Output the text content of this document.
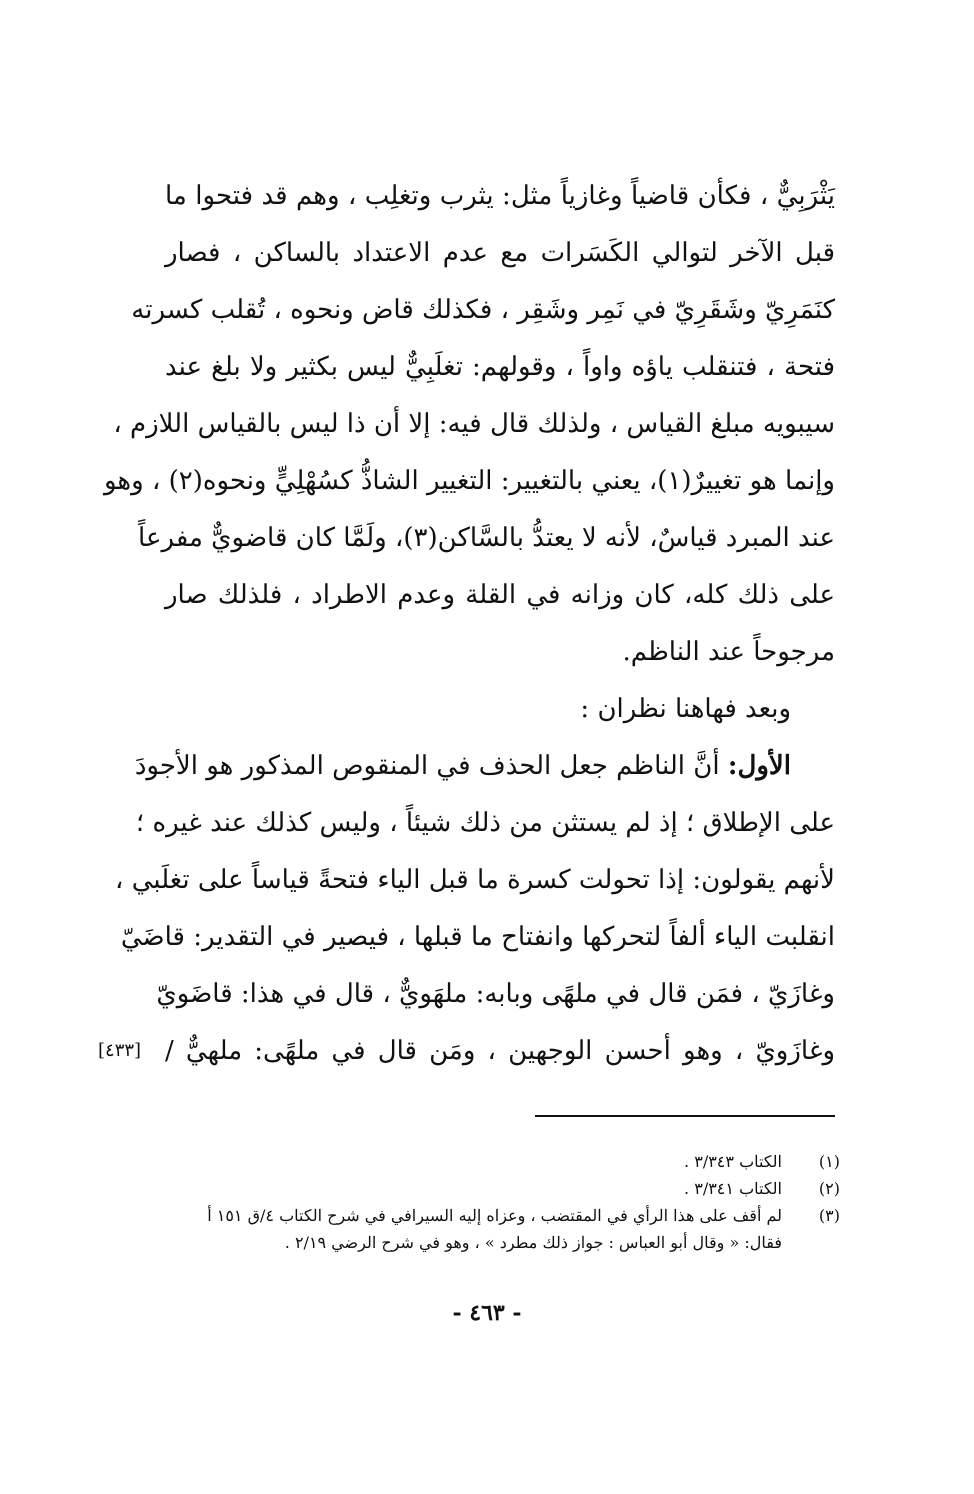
يَثْرَبِيٌّ ، فكأن قاضياً وغازياً مثل: يثرب وتغلِب ، وهم قد فتحوا ما
قبل الآخر لتوالي الكَسَرات مع عدم الاعتداد بالساكن ، فصار
كنَمَرِيّ وشَقَرِيّ في نَمِر وشَقِر ، فكذلك قاض ونحوه ، تُقلب كسرته
فتحة ، فتنقلب ياؤه واواً ، وقولهم: تغلَبِيٌّ ليس بكثير ولا بلغ عند
سيبويه مبلغ القياس ، ولذلك قال فيه: إلا أن ذا ليس بالقياس اللازم ،
وإنما هو تغييرٌ(١)، يعني بالتغيير: التغيير الشاذُّ كسُهْلِيٍّ ونحوه(٢) ، وهو
عند المبرد قياسٌ، لأنه لا يعتدُّ بالسَّاكن(٣)، ولَمَّا كان قاضويٌّ مفرعاً
على ذلك كله، كان وزانه في القلة وعدم الاطراد ، فلذلك صار
مرجوحاً عند الناظم.
وبعد فهاهنا نظران :
الأول: أنَّ الناظم جعل الحذف في المنقوص المذكور هو الأجودَ
على الإطلاق ؛ إذ لم يستثن من ذلك شيئاً ، وليس كذلك عند غيره ؛
لأنهم يقولون: إذا تحولت كسرة ما قبل الياء فتحةً قياساً على تغلَبي ،
انقلبت الياء ألفاً لتحركها وانفتاح ما قبلها ، فيصير في التقدير: قاضَيّ
وغازَيّ ، فمَن قال في ملهًى وبابه: ملهَويٌّ ، قال في هذا: قاضَويّ
وغازَويّ ، وهو أحسن الوجهين ، ومَن قال في ملهًى: ملهيٌّ /
[٤٣٣]
(١)
الكتاب ٣/٣٤٣ .
(٢)
الكتاب ٣/٣٤١ .
(٣)
لم أقف على هذا الرأي في المقتضب ، وعزاه إليه السيرافي في شرح الكتاب ٤/ق ١٥١ أ
فقال: « وقال أبو العباس : جواز ذلك مطرد » ، وهو في شرح الرضي ٢/١٩ .
- ٤٦٣ -
